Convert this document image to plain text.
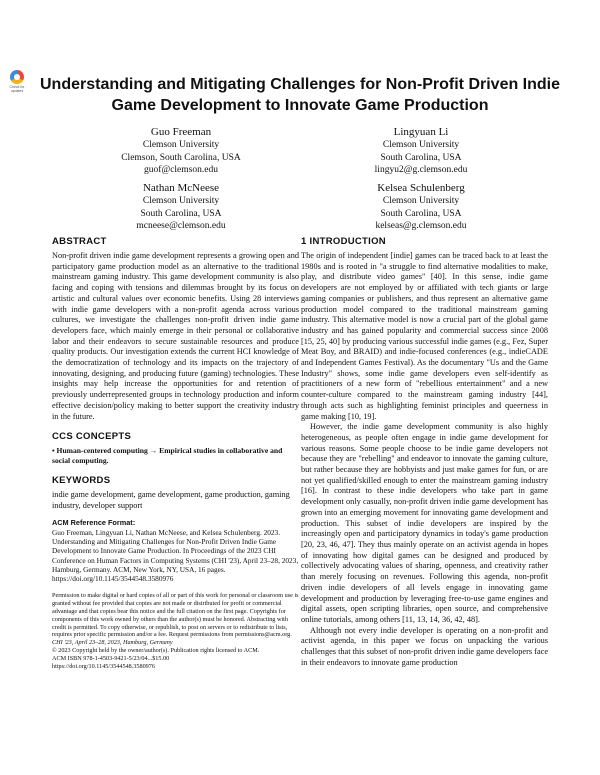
Check for updates Understanding and Mitigating Challenges for Non-Profit Driven Indie Game Development to Innovate Game Production
Guo Freeman
Clemson University
Clemson, South Carolina, USA
guof@clemson.edu
Lingyuan Li
Clemson University
South Carolina, USA
lingyu2@g.clemson.edu
Nathan McNeese
Clemson University
South Carolina, USA
mcneese@clemson.edu
Kelsea Schulenberg
Clemson University
South Carolina, USA
kelseas@g.clemson.edu
ABSTRACT

Non-profit driven indie game development represents a growing open and participatory game production model as an alternative to the traditional mainstream gaming industry. This game development community is also facing and coping with tensions and dilemmas brought by its focus on artistic and cultural values over economic benefits. Using 28 interviews with indie game developers with a non-profit agenda across various cultures, we investigate the challenges non-profit driven indie game developers face, which mainly emerge in their personal or collaborative labor and their endeavors to secure sustainable resources and produce quality products. Our investigation extends the current HCI knowledge of the democratization of technology and its impacts on the trajectory of innovating, designing, and producing future (gaming) technologies. These insights may help increase the opportunities for and retention of previously underrepresented groups in technology production and inform effective decision/policy making to better support the creativity industry in the future.

CCS CONCEPTS

• Human-centered computing → Empirical studies in collaborative and social computing.

KEYWORDS

indie game development, game development, game production, gaming industry, developer support

ACM Reference Format:

Guo Freeman, Lingyuan Li, Nathan McNeese, and Kelsea Schulenberg. 2023. Understanding and Mitigating Challenges for Non-Profit Driven Indie Game Development to Innovate Game Production. In Proceedings of the 2023 CHI Conference on Human Factors in Computing Systems (CHI '23), April 23–28, 2023, Hamburg, Germany. ACM, New York, NY, USA, 16 pages. https://doi.org/10.1145/3544548.3580976

Permission to make digital or hard copies of all or part of this work for personal or classroom use is granted without fee provided that copies are not made or distributed for profit or commercial advantage and that copies bear this notice and the full citation on the first page. Copyrights for components of this work owned by others than the author(s) must be honored. Abstracting with credit is permitted. To copy otherwise, or republish, to post on servers or to redistribute to lists, requires prior specific permission and/or a fee. Request permissions from permissions@acm.org.

CHI '23, April 23–28, 2023, Hamburg, Germany

© 2023 Copyright held by the owner/author(s). Publication rights licensed to ACM.

ACM ISBN 978-1-4503-9421-5/23/04...$15.00

https://doi.org/10.1145/3544548.3580976

1 INTRODUCTION

The origin of independent [indie] games can be traced back to at least the 1980s and is rooted in "a struggle to find alternative modalities to make, play, and distribute video games" [40]. In this sense, indie game developers are not employed by or affiliated with tech giants or large gaming companies or publishers, and thus represent an alternative game production model compared to the traditional mainstream gaming industry. This alternative model is now a crucial part of the global game industry and has gained popularity and commercial success since 2008 [15, 25, 40] by producing various successful indie games (e.g., Fez, Super Meat Boy, and BRAID) and indie-focused conferences (e.g., indieCADE and Independent Games Festival). As the documentary "Us and the Game Industry" shows, some indie game developers even self-identify as practitioners of a new form of "rebellious entertainment" and a new counter-culture compared to the mainstream gaming industry [44], through acts such as highlighting feminist principles and queerness in game making [10, 19].

However, the indie game development community is also highly heterogeneous, as people often engage in indie game development for various reasons. Some people choose to be indie game developers not because they are "rebelling" and endeavor to innovate the gaming culture, but rather because they are hobbyists and just make games for fun, or are not yet qualified/skilled enough to enter the mainstream gaming industry [16]. In contrast to these indie developers who take part in game development only casually, non-profit driven indie game development has grown into an emerging movement for innovating game development and production. This subset of indie developers are inspired by the increasingly open and participatory dynamics in today's game production [20, 23, 46, 47]. They thus mainly operate on an activist agenda in hopes of innovating how digital games can be designed and produced by collectively advocating values of sharing, openness, and creativity rather than merely focusing on revenues. Following this agenda, non-profit driven indie developers of all levels engage in innovating game development and production by leveraging free-to-use game engines and digital assets, open scripting libraries, open source, and comprehensive online tutorials, among others [11, 13, 14, 36, 42, 48].

Although not every indie developer is operating on a non-profit and activist agenda, in this paper we focus on unpacking the various challenges that this subset of non-profit driven indie game developers face in their endeavors to innovate game production
